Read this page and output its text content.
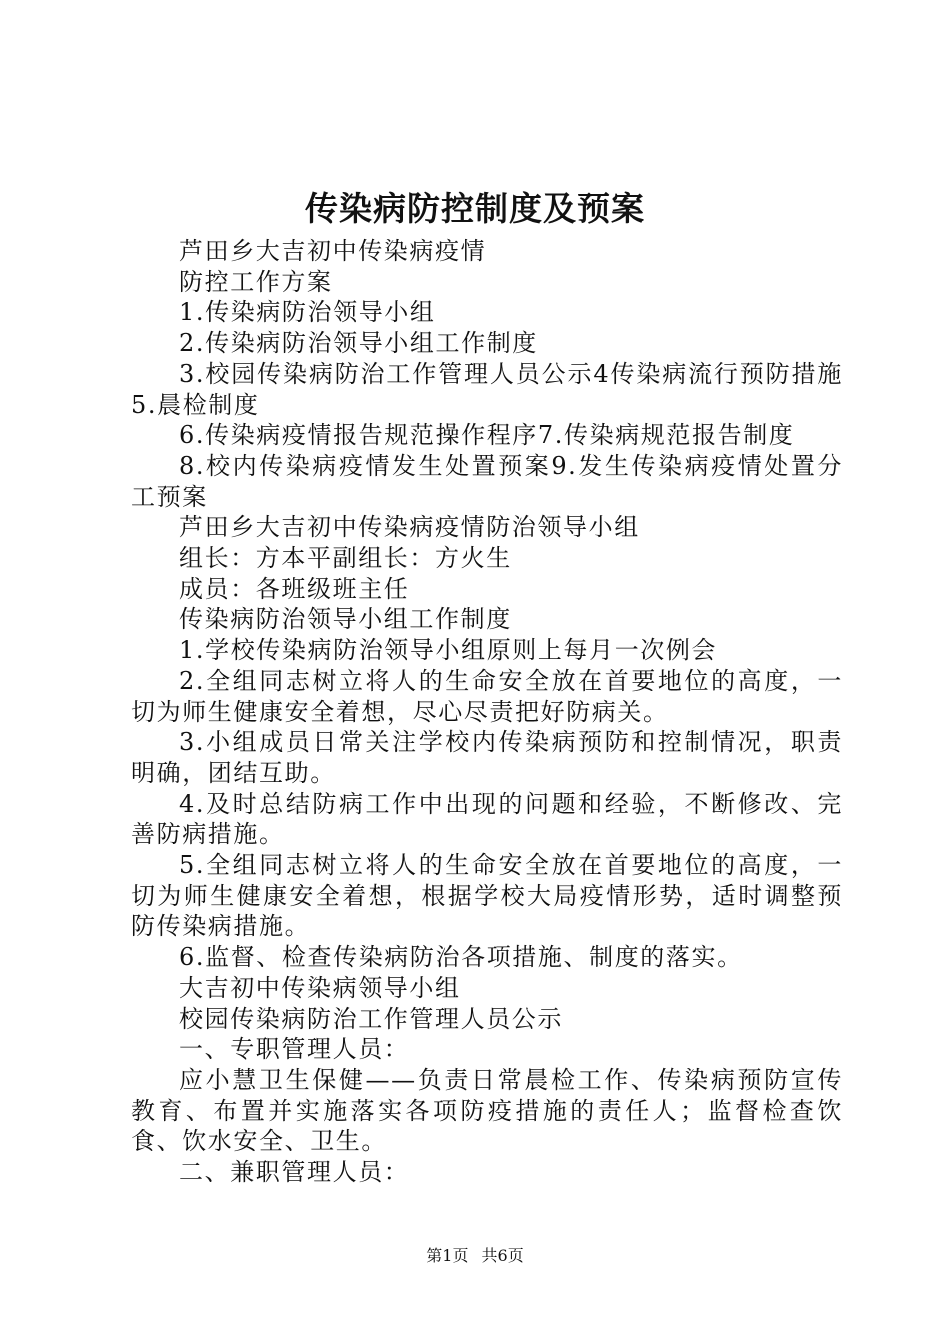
传染病防控制度及预案

芦田乡大吉初中传染病疫情

防控工作方案

1.传染病防治领导小组

2.传染病防治领导小组工作制度

3.校园传染病防治工作管理人员公示4传染病流行预防措施5.晨检制度

6.传染病疫情报告规范操作程序7.传染病规范报告制度

8.校内传染病疫情发生处置预案9.发生传染病疫情处置分工预案

芦田乡大吉初中传染病疫情防治领导小组

组长：方本平副组长：方火生

成员：各班级班主任

传染病防治领导小组工作制度

1.学校传染病防治领导小组原则上每月一次例会

2.全组同志树立将人的生命安全放在首要地位的高度，一切为师生健康安全着想，尽心尽责把好防病关。

3.小组成员日常关注学校内传染病预防和控制情况，职责明确，团结互助。

4.及时总结防病工作中出现的问题和经验，不断修改、完善防病措施。

5.全组同志树立将人的生命安全放在首要地位的高度，一切为师生健康安全着想，根据学校大局疫情形势，适时调整预防传染病措施。

6.监督、检查传染病防治各项措施、制度的落实。

大吉初中传染病领导小组

校园传染病防治工作管理人员公示

一、专职管理人员：

应小慧卫生保健——负责日常晨检工作、传染病预防宣传教育、布置并实施落实各项防疫措施的责任人；监督检查饮食、饮水安全、卫生。

二、兼职管理人员：

第1页 共6页
